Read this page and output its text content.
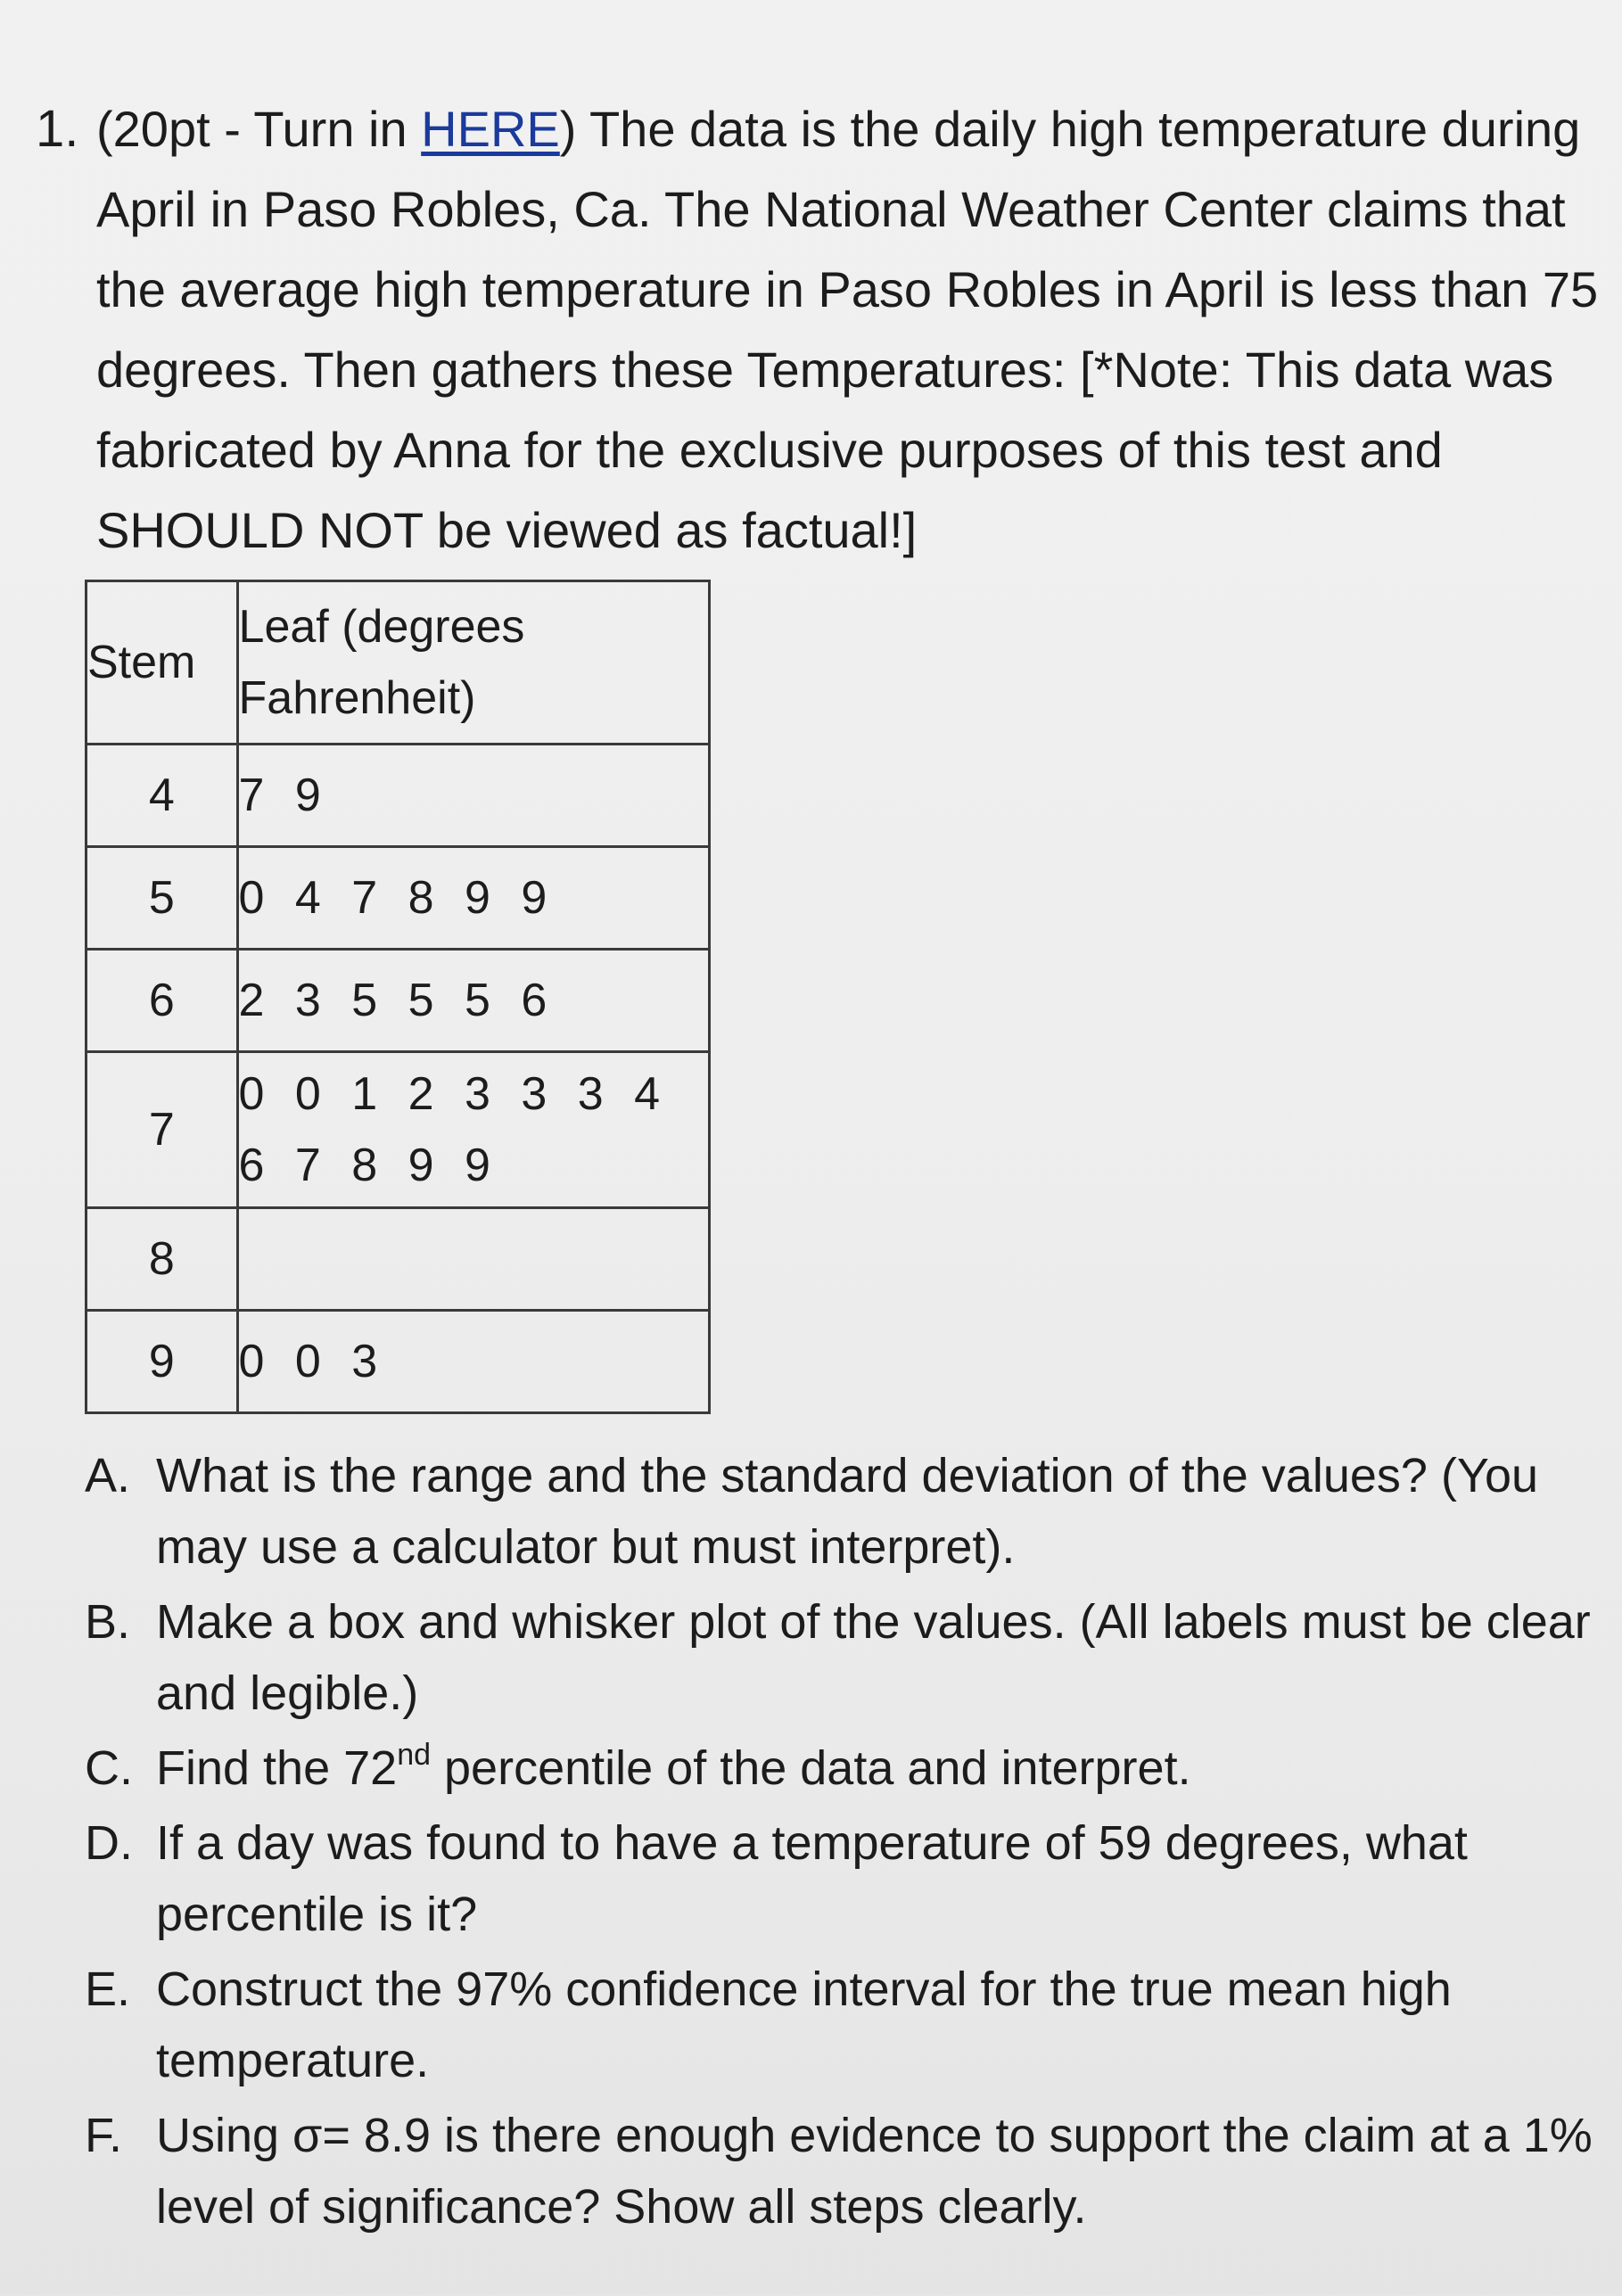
1. (20pt - Turn in HERE) The data is the daily high temperature during April in Paso Robles, Ca. The National Weather Center claims that the average high temperature in Paso Robles in April is less than 75 degrees. Then gathers these Temperatures: [*Note: This data was fabricated by Anna for the exclusive purposes of this test and SHOULD NOT be viewed as factual!]
Stem	Leaf (degrees Fahrenheit)
4	7 9
5	0 4 7 8 9 9
6	2 3 5 5 5 6
7	0 0 1 2 3 3 3 4 6 7 8 9 9
8	
9	0 0 3
A. What is the range and the standard deviation of the values? (You may use a calculator but must interpret).
B. Make a box and whisker plot of the values. (All labels must be clear and legible.)
C. Find the 72nd percentile of the data and interpret.
D. If a day was found to have a temperature of 59 degrees, what percentile is it?
E. Construct the 97% confidence interval for the true mean high temperature.
F. Using σ= 8.9 is there enough evidence to support the claim at a 1% level of significance? Show all steps clearly.
